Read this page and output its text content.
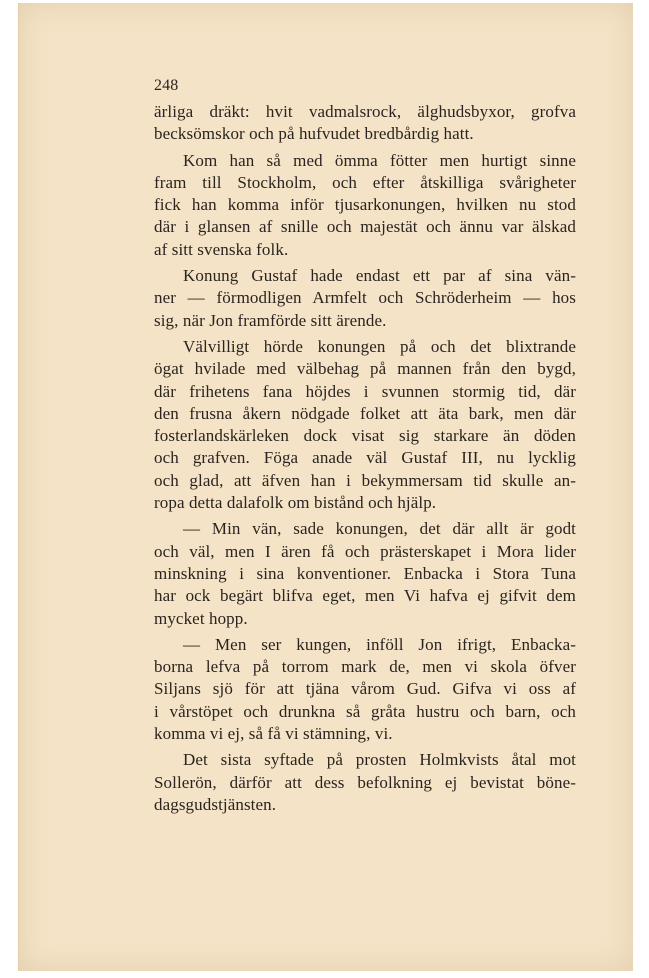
248
ärliga dräkt: hvit vadmalsrock, älghudsbyxor, grofva
becksömskor och på hufvudet bredbårdig hatt.
Kom han så med ömma fötter men hurtigt sinne
fram till Stockholm, och efter åtskilliga svårigheter
fick han komma inför tjusarkonungen, hvilken nu stod
där i glansen af snille och majestät och ännu var älskad
af sitt svenska folk.
Konung Gustaf hade endast ett par af sina vän-
ner — förmodligen Armfelt och Schröderheim — hos
sig, när Jon framförde sitt ärende.
Välvilligt hörde konungen på och det blixtrande
ögat hvilade med välbehag på mannen från den bygd,
där frihetens fana höjdes i svunnen stormig tid, där
den frusna åkern nödgade folket att äta bark, men där
fosterlandskärleken dock visat sig starkare än döden
och grafven. Föga anade väl Gustaf III, nu lycklig
och glad, att äfven han i bekymmersam tid skulle an-
ropa detta dalafolk om bistånd och hjälp.
— Min vän, sade konungen, det där allt är godt
och väl, men I ären få och prästerskapet i Mora lider
minskning i sina konventioner. Enbacka i Stora Tuna
har ock begärt blifva eget, men Vi hafva ej gifvit dem
mycket hopp.
— Men ser kungen, inföll Jon ifrigt, Enbacka-
borna lefva på torrom mark de, men vi skola öfver
Siljans sjö för att tjäna vårom Gud. Gifva vi oss af
i vårstöpet och drunkna så gråta hustru och barn, och
komma vi ej, så få vi stämning, vi.
Det sista syftade på prosten Holmkvists åtal mot
Sollerön, därför att dess befolkning ej bevistat böne-
dagsgudstjänsten.
